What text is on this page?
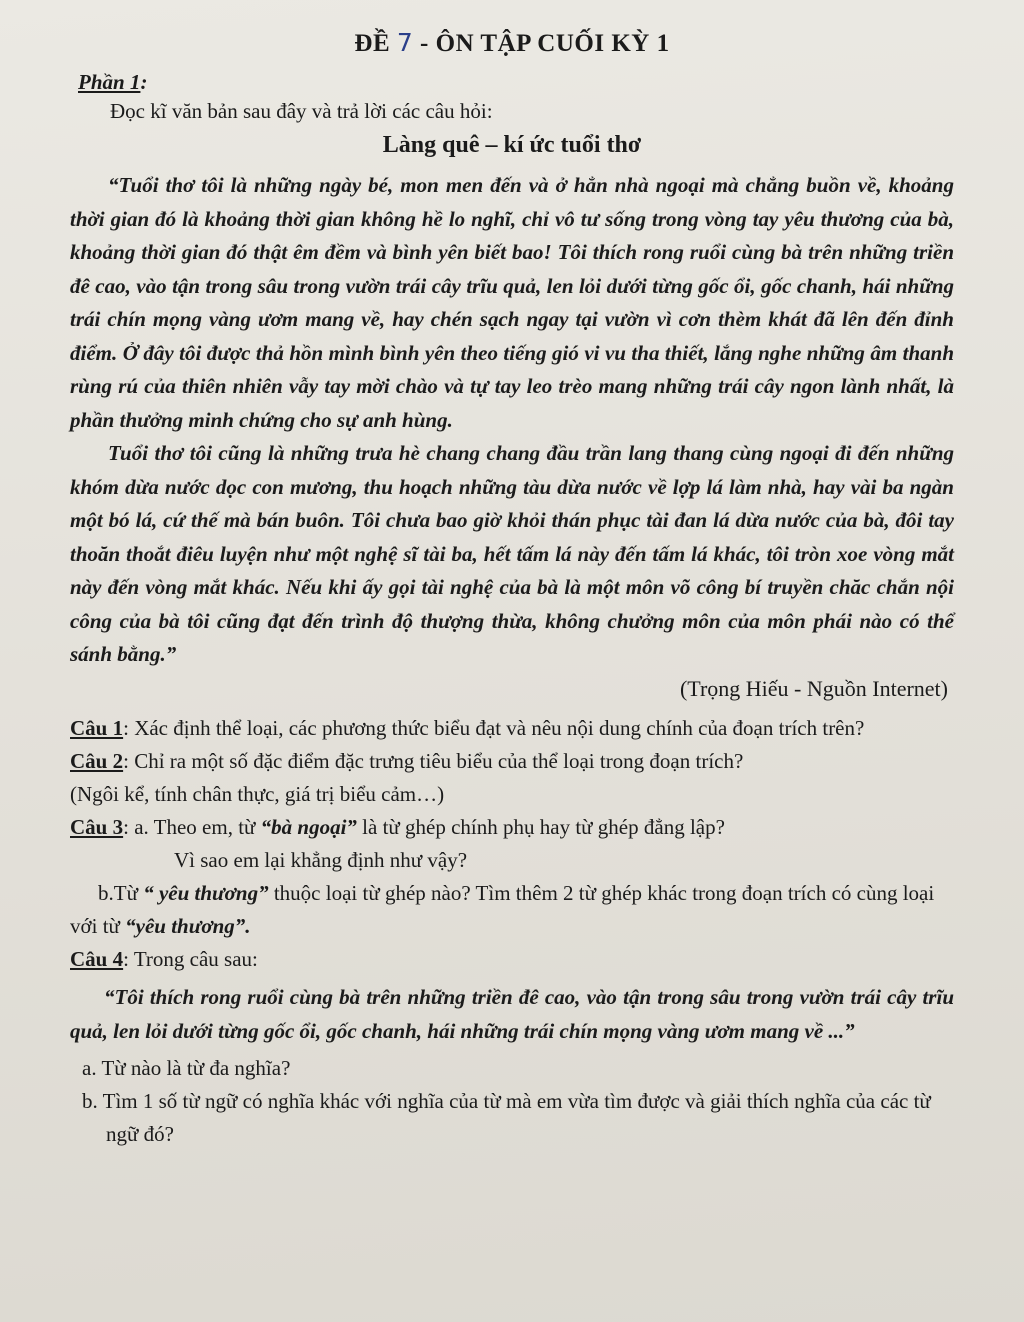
ĐỀ 7 - ÔN TẬP CUỐI KỲ 1
Phần 1:
Đọc kĩ văn bản sau đây và trả lời các câu hỏi:
Làng quê – kí ức tuổi thơ

“Tuổi thơ tôi là những ngày bé, mon men đến và ở hẳn nhà ngoại mà chẳng buồn về, khoảng thời gian đó là khoảng thời gian không hề lo nghĩ, chỉ vô tư sống trong vòng tay yêu thương của bà, khoảng thời gian đó thật êm đềm và bình yên biết bao! Tôi thích rong ruổi cùng bà trên những triền đê cao, vào tận trong sâu trong vườn trái cây trĩu quả, len lỏi dưới từng gốc ổi, gốc chanh, hái những trái chín mọng vàng ươm mang về, hay chén sạch ngay tại vườn vì cơn thèm khát đã lên đến đỉnh điểm. Ở đây tôi được thả hồn mình bình yên theo tiếng gió vi vu tha thiết, lắng nghe những âm thanh rùng rú của thiên nhiên vẫy tay mời chào và tự tay leo trèo mang những trái cây ngon lành nhất, là phần thưởng minh chứng cho sự anh hùng.

Tuổi thơ tôi cũng là những trưa hè chang chang đầu trần lang thang cùng ngoại đi đến những khóm dừa nước dọc con mương, thu hoạch những tàu dừa nước về lợp lá làm nhà, hay vài ba ngàn một bó lá, cứ thế mà bán buôn. Tôi chưa bao giờ khỏi thán phục tài đan lá dừa nước của bà, đôi tay thoăn thoắt điêu luyện như một nghệ sĩ tài ba, hết tấm lá này đến tấm lá khác, tôi tròn xoe vòng mắt này đến vòng mắt khác. Nếu khi ấy gọi tài nghệ của bà là một môn võ công bí truyền chăc chắn nội công của bà tôi cũng đạt đến trình độ thượng thừa, không chưởng môn của môn phái nào có thể sánh bằng.”

(Trọng Hiếu - Nguồn Internet)
Câu 1: Xác định thể loại, các phương thức biểu đạt và nêu nội dung chính của đoạn trích trên?
Câu 2: Chỉ ra một số đặc điểm đặc trưng tiêu biểu của thể loại trong đoạn trích?
(Ngôi kể, tính chân thực, giá trị biểu cảm…)
Câu 3: a. Theo em, từ “bà ngoại” là từ ghép chính phụ hay từ ghép đẳng lập?
Vì sao em lại khẳng định như vậy?
b.Từ “ yêu thương” thuộc loại từ ghép nào? Tìm thêm 2 từ ghép khác trong đoạn trích có cùng loại với từ “yêu thương”.
Câu 4: Trong câu sau:
“Tôi thích rong ruổi cùng bà trên những triền đê cao, vào tận trong sâu trong vườn trái cây trĩu quả, len lỏi dưới từng gốc ổi, gốc chanh, hái những trái chín mọng vàng ươm mang về ...”
a. Từ nào là từ đa nghĩa?
b. Tìm 1 số từ ngữ có nghĩa khác với nghĩa của từ mà em vừa tìm được và giải thích nghĩa của các từ ngữ đó?
